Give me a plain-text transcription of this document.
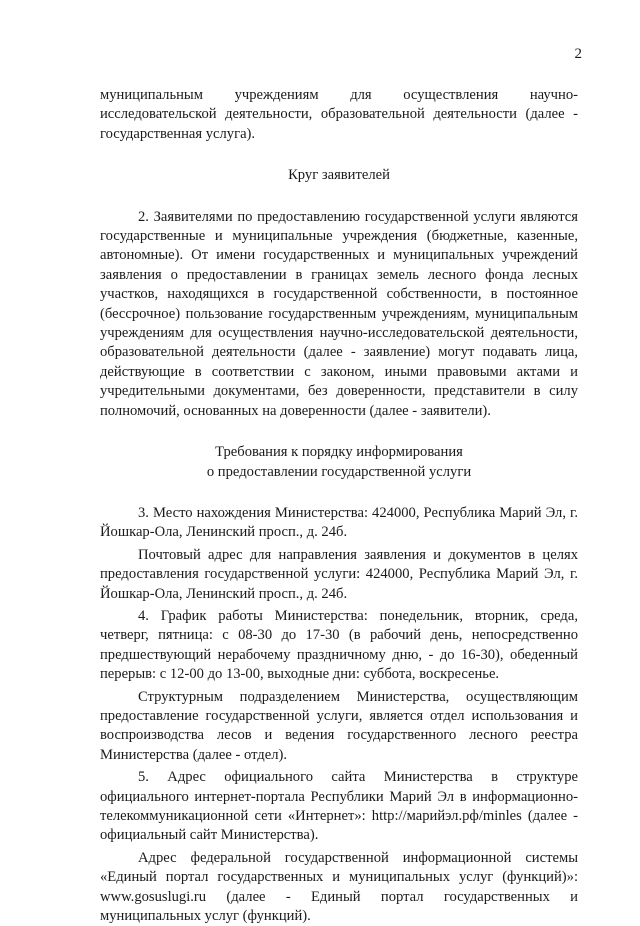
2

муниципальным учреждениям для осуществления научно-исследовательской деятельности, образовательной деятельности (далее - государственная услуга).

Круг заявителей

2. Заявителями по предоставлению государственной услуги являются государственные и муниципальные учреждения (бюджетные, казенные, автономные). От имени государственных и муниципальных учреждений заявления о предоставлении в границах земель лесного фонда лесных участков, находящихся в государственной собственности, в постоянное (бессрочное) пользование государственным учреждениям, муниципальным учреждениям для осуществления научно-исследовательской деятельности, образовательной деятельности (далее - заявление) могут подавать лица, действующие в соответствии с законом, иными правовыми актами и учредительными документами, без доверенности, представители в силу полномочий, основанных на доверенности (далее - заявители).

Требования к порядку информирования
о предоставлении государственной услуги

3. Место нахождения Министерства: 424000, Республика Марий Эл, г. Йошкар-Ола, Ленинский просп., д. 24б.

Почтовый адрес для направления заявления и документов в целях предоставления государственной услуги: 424000, Республика Марий Эл, г. Йошкар-Ола, Ленинский просп., д. 24б.

4. График работы Министерства: понедельник, вторник, среда, четверг, пятница: с 08-30 до 17-30 (в рабочий день, непосредственно предшествующий нерабочему праздничному дню, - до 16-30), обеденный перерыв: с 12-00 до 13-00, выходные дни: суббота, воскресенье.

Структурным подразделением Министерства, осуществляющим предоставление государственной услуги, является отдел использования и воспроизводства лесов и ведения государственного лесного реестра Министерства (далее - отдел).

5. Адрес официального сайта Министерства в структуре официального интернет-портала Республики Марий Эл в информационно-телекоммуникационной сети «Интернет»: http://марийэл.рф/minles (далее - официальный сайт Министерства).

Адрес федеральной государственной информационной системы «Единый портал государственных и муниципальных услуг (функций)»: www.gosuslugi.ru (далее - Единый портал государственных и муниципальных услуг (функций).
